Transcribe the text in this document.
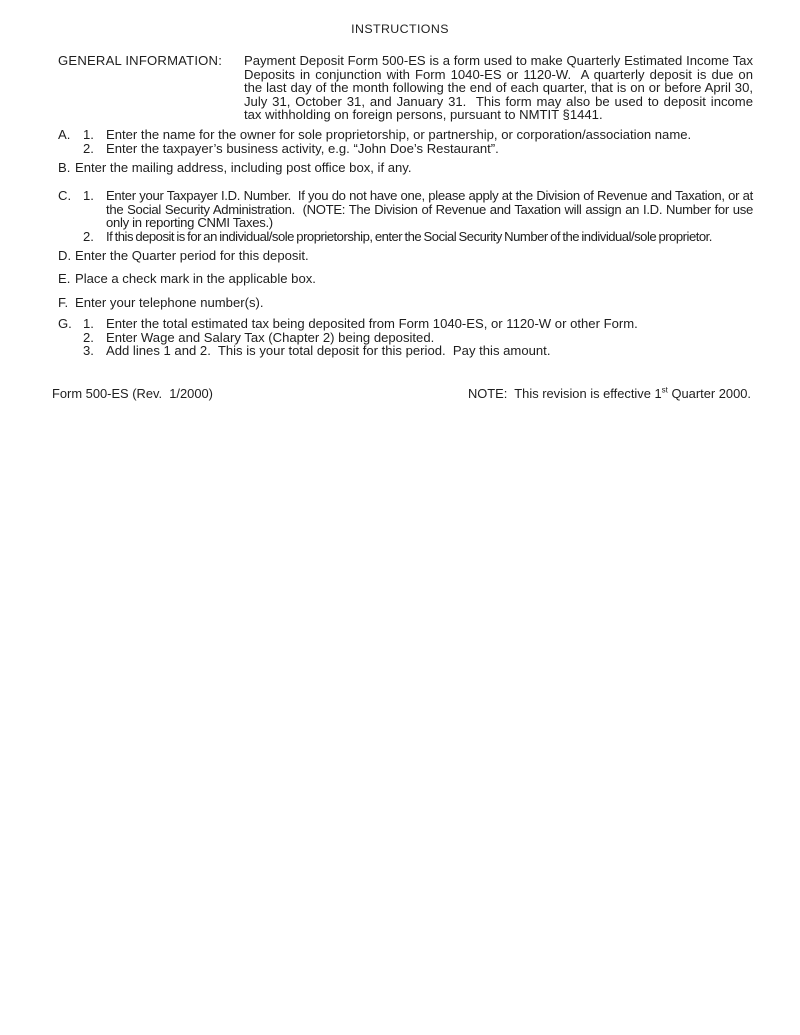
INSTRUCTIONS
GENERAL INFORMATION:	Payment Deposit Form 500-ES is a form used to make Quarterly Estimated Income Tax Deposits in conjunction with Form 1040-ES or 1120-W.  A quarterly deposit is due on the last day of the month following the end of each quarter, that is on or before April 30, July 31, October 31, and January 31.  This form may also be used to deposit income tax withholding on foreign persons, pursuant to NMTIT §1441.
A. 1. Enter the name for the owner for sole proprietorship, or partnership, or corporation/association name.
2. Enter the taxpayer’s business activity, e.g. “John Doe’s Restaurant”.
B. Enter the mailing address, including post office box, if any.
C. 1. Enter your Taxpayer I.D. Number.  If you do not have one, please apply at the Division of Revenue and Taxation, or at  the Social Security Administration.  (NOTE: The Division of Revenue and Taxation will assign an I.D. Number for use only in reporting CNMI Taxes.)
2. If this deposit is for an individual/sole proprietorship, enter the Social Security Number of the individual/sole proprietor.
D. Enter the Quarter period for this deposit.
E. Place a check mark in the applicable box.
F. Enter your telephone number(s).
G. 1. Enter the total estimated tax being deposited from Form 1040-ES, or 1120-W or other Form.
2. Enter Wage and Salary Tax (Chapter 2) being deposited.
3. Add lines 1 and 2.  This is your total deposit for this period.  Pay this amount.
Form 500-ES (Rev.  1/2000)	NOTE:  This revision is effective 1st Quarter 2000.
